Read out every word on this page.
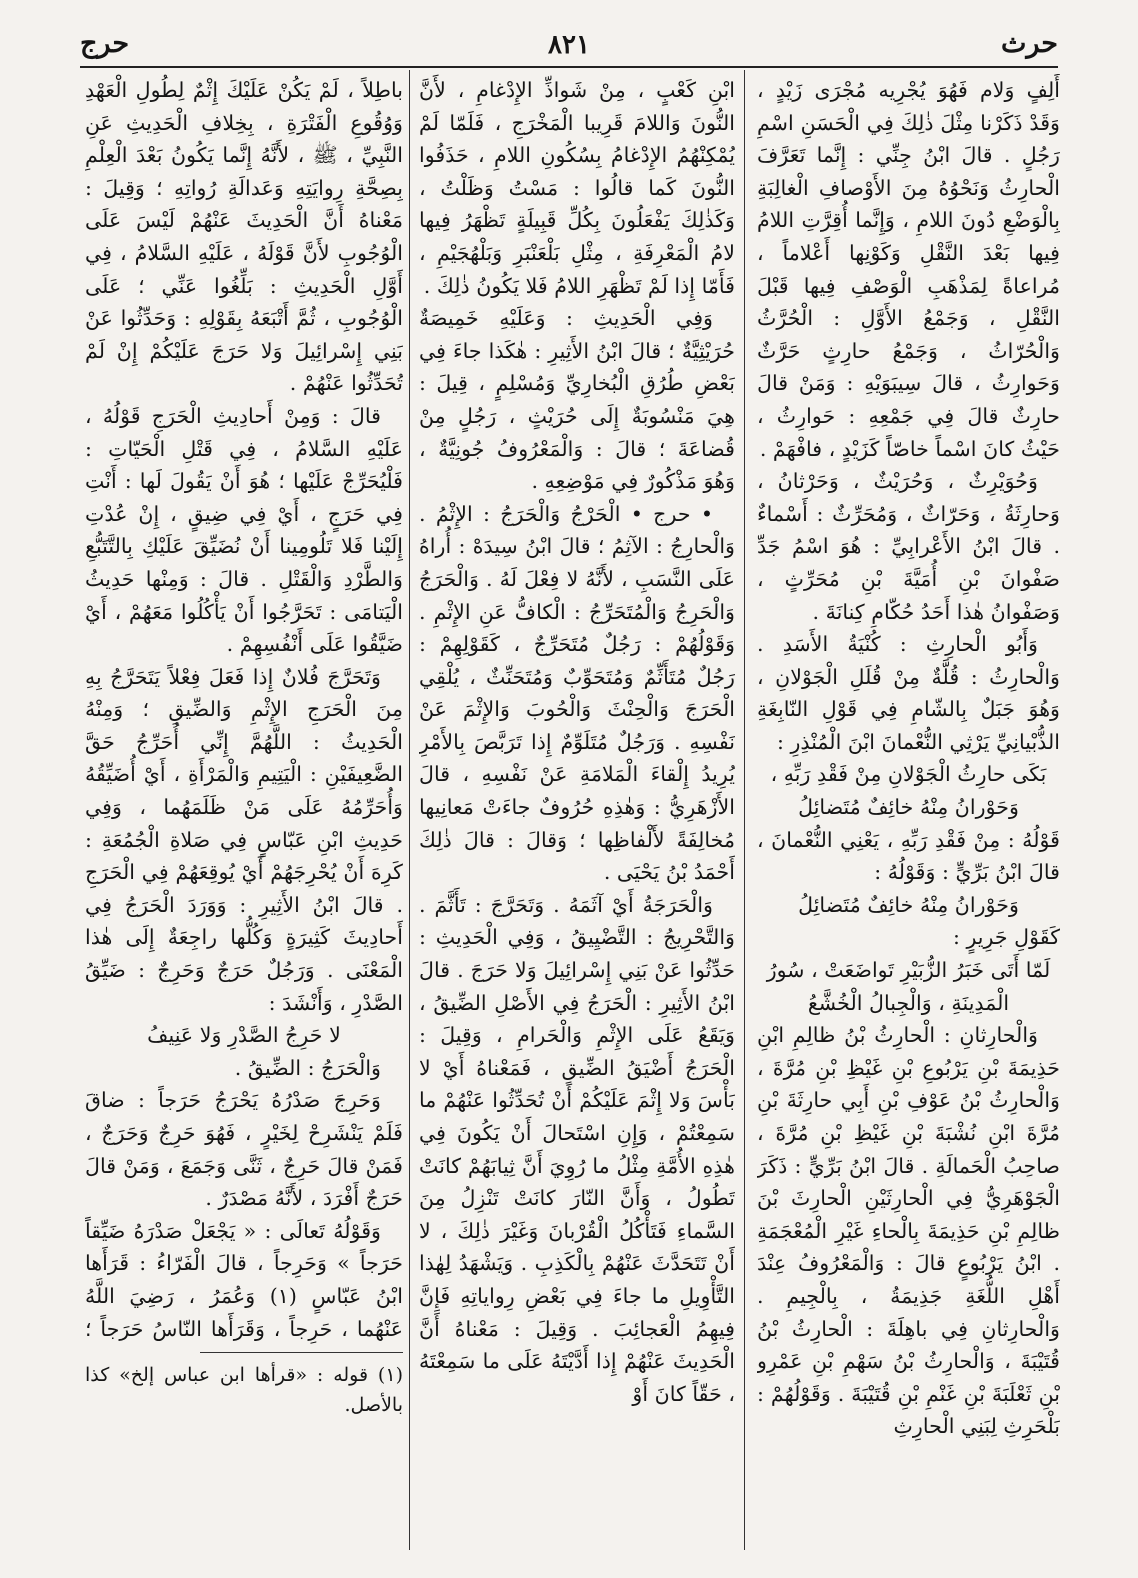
حرث
٨٢١
حرج

أَلِفٍ وَلام فَهُوَ يُجْرِيه مُجْرَى زَيْدٍ ، وَقَدْ ذَكَرْنا مِثْلَ ذٰلِكَ فِي الْحَسَنِ اسْمِ رَجُلٍ . قالَ ابْنُ جِنِّي : إِنَّما تَعَرَّفَ الْحارِثُ وَنَحْوُهُ مِنَ الأَوْصافِ الْغالِبَةِ بِالْوَضْعِ دُونَ اللامِ ، وَإِنَّما أُقِرَّتِ اللامُ فِيها بَعْدَ النَّقْلِ وَكَوْنِها أَعْلاماً ، مُراعاةً لِمَذْهَبِ الْوَصْفِ فِيها قَبْلَ النَّقْلِ ، وَجَمْعُ الأَوَّلِ : الْحُرَّثُ وَالْحُرّاثُ ، وَجَمْعُ حارِثٍ حَرَّثٌ وَحَوارِثُ ، قالَ سِيبَوَيْهِ : وَمَنْ قالَ حارِثٌ قالَ فِي جَمْعِهِ : حَوارِثُ ، حَيْثُ كانَ اسْماً خاصّاً كَزَيْدٍ ، فافْهَمْ .

وَحُوَيْرِثٌ ، وَحُرَيْثٌ ، وَحَرْثانُ ، وَحارِثَةُ ، وَحَرّاثٌ ، وَمُحَرِّثٌ : أَسْماءٌ . قالَ ابْنُ الأَعْرابِيِّ : هُوَ اسْمُ جَدِّ صَفْوانَ بْنِ أُمَيَّةَ بْنِ مُحَرِّثٍ ، وَصَفْوانُ هٰذا أَحَدُ حُكّامِ كِنانَةَ .

وَأَبُو الْحارِثِ : كُنْيَةُ الأَسَدِ . وَالْحارِثُ : قُلَّةٌ مِنْ قُلَلِ الْجَوْلانِ ، وَهُوَ جَبَلٌ بِالشّامِ فِي قَوْلِ النّابِغَةِ الذُّبْيانِيِّ يَرْثِي النُّعْمانَ ابْنَ الْمُنْذِرِ :

بَكَى حارِثُ الْجَوْلانِ مِنْ فَقْدِ رَبِّهِ ، وَحَوْرانُ مِنْهُ خائِفٌ مُتَضائِلُ

قَوْلُهُ : مِنْ فَقْدِ رَبِّهِ ، يَعْنِي النُّعْمانَ ، قالَ ابْنُ بَرِّيٍّ : وَقَوْلُهُ :

وَحَوْرانُ مِنْهُ خائِفٌ مُتَضائِلُ

كَقَوْلِ جَرِيرٍ :

لَمّا أَتَى خَبَرُ الزُّبَيْرِ تَواضَعَتْ ، سُورُ الْمَدِينَةِ ، وَالْجِبالُ الْخُشَّعُ

وَالْحارِثانِ : الْحارِثُ بْنُ ظالِمِ ابْنِ حَذِيمَةَ بْنِ يَرْبُوعِ بْنِ غَيْظِ بْنِ مُرَّةَ ، وَالْحارِثُ بْنُ عَوْفِ بْنِ أَبِي حارِثَةَ بْنِ مُرَّةَ ابْنِ نُشْبَةَ بْنِ غَيْظِ بْنِ مُرَّةَ ، صاحِبُ الْحَمالَةِ . قالَ ابْنُ بَرِّيٍّ : ذَكَرَ الْجَوْهَرِيُّ فِي الْحارِثَيْنِ الْحارِثَ بْنَ ظالِمِ بْنِ حَذِيمَةَ بِالْحاءِ غَيْرِ الْمُعْجَمَةِ . ابْنُ يَرْبُوعٍ قالَ : وَالْمَعْرُوفُ عِنْدَ أَهْلِ اللُّغَةِ جَذِيمَةُ ، بِالْجِيمِ . وَالْحارِثانِ فِي باهِلَةَ : الْحارِثُ بْنُ قُتَيْبَةَ ، وَالْحارِثُ بْنُ سَهْمِ بْنِ عَمْرِو بْنِ ثَعْلَبَةَ بْنِ غَنْمِ بْنِ قُتَيْبَةَ . وَقَوْلُهُمْ : بَلْحَرِثِ لِبَنِي الْحارِثِ

ابْنِ كَعْبٍ ، مِنْ شَواذِّ الإِدْغامِ ، لأَنَّ النُّونَ وَاللامَ قَرِيبا الْمَخْرَجِ ، فَلَمّا لَمْ يُمْكِنْهُمُ الإِدْغامُ بِسُكُونِ اللامِ ، حَذَفُوا النُّونَ كَما قالُوا : مَسْتُ وَظَلْتُ ، وَكَذٰلِكَ يَفْعَلُونَ بِكُلِّ قَبِيلَةٍ تَظْهَرُ فِيها لامُ الْمَعْرِفَةِ ، مِثْلِ بَلْعَنْبَرِ وَبَلْهُجَيْمِ ، فَأَمّا إِذا لَمْ تَظْهَرِ اللامُ فَلا يَكُونُ ذٰلِكَ .

وَفِي الْحَدِيثِ : وَعَلَيْهِ خَمِيصَةٌ حُرَيْثِيَّةٌ ؛ قالَ ابْنُ الأَثِيرِ : هٰكَذا جاءَ فِي بَعْضِ طُرُقِ الْبُخارِيِّ وَمُسْلِمٍ ، قِيلَ : هِيَ مَنْسُوبَةٌ إِلَى حُرَيْثٍ ، رَجُلٍ مِنْ قُضاعَةَ ؛ قالَ : وَالْمَعْرُوفُ جُونِيَّةٌ ، وَهُوَ مَذْكُورٌ فِي مَوْضِعِهِ .

• حرج • الْحَرْجُ وَالْحَرَجُ : الإِثْمُ . وَالْحارِجُ : الآثِمُ ؛ قالَ ابْنُ سِيدَهْ : أُراهُ عَلَى النَّسَبِ ، لأَنَّهُ لا فِعْلَ لَهُ . وَالْحَرَجُ وَالْحَرِجُ وَالْمُتَحَرِّجُ : الْكافُّ عَنِ الإِثْمِ . وَقَوْلُهُمْ : رَجُلٌ مُتَحَرِّجٌ ، كَقَوْلِهِمْ : رَجُلٌ مُتَأَثِّمٌ وَمُتَحَوِّبٌ وَمُتَحَنِّثٌ ، يُلْقِي الْحَرَجَ وَالْحِنْثَ وَالْحُوبَ وَالإِثْمَ عَنْ نَفْسِهِ . وَرَجُلٌ مُتَلَوِّمٌ إِذا تَرَبَّصَ بِالأَمْرِ يُرِيدُ إِلْقاءَ الْمَلامَةِ عَنْ نَفْسِهِ ، قالَ الأَزْهَرِيُّ : وَهٰذِهِ حُرُوفٌ جاءَتْ مَعانِيها مُخالِفَةً لأَلْفاظِها ؛ وَقالَ : قالَ ذٰلِكَ أَحْمَدُ بْنُ يَحْيَى .

وَالْحَرَجَةُ أَيْ آثَمَهُ . وَتَحَرَّجَ : تَأَثَّمَ . وَالتَّحْرِيجُ : التَّضْيِيقُ ، وَفِي الْحَدِيثِ : حَدِّثُوا عَنْ بَنِي إِسْرائِيلَ وَلا حَرَجَ . قالَ ابْنُ الأَثِيرِ : الْحَرَجُ فِي الأَصْلِ الضِّيقُ ، وَيَقَعُ عَلَى الإِثْمِ وَالْحَرامِ ، وَقِيلَ : الْحَرَجُ أَضْيَقُ الضِّيقِ ، فَمَعْناهُ أَيْ لا بَأْسَ وَلا إِثْمَ عَلَيْكُمْ أَنْ تُحَدِّثُوا عَنْهُمْ ما سَمِعْتُمْ ، وَإِنِ اسْتَحالَ أَنْ يَكُونَ فِي هٰذِهِ الأُمَّةِ مِثْلُ ما رُوِيَ أَنَّ ثِيابَهُمْ كانَتْ تَطُولُ ، وَأَنَّ النّارَ كانَتْ تَنْزِلُ مِنَ السَّماءِ فَتَأْكُلُ الْقُرْبانَ وَغَيْرَ ذٰلِكَ ، لا أَنْ تَتَحَدَّثَ عَنْهُمْ بِالْكَذِبِ . وَيَشْهَدُ لِهٰذا التَّأْوِيلِ ما جاءَ فِي بَعْضِ رِواياتِهِ فَإِنَّ فِيهِمُ الْعَجائِبَ . وَقِيلَ : مَعْناهُ أَنَّ الْحَدِيثَ عَنْهُمْ إِذا أَدَّيْتَهُ عَلَى ما سَمِعْتَهُ ، حَقّاً كانَ أَوْ

باطِلاً ، لَمْ يَكُنْ عَلَيْكَ إِثْمٌ لِطُولِ الْعَهْدِ وَوُقُوعِ الْفَتْرَةِ ، بِخِلافِ الْحَدِيثِ عَنِ النَّبِيِّ ، ﷺ ، لأَنَّهُ إِنَّما يَكُونُ بَعْدَ الْعِلْمِ بِصِحَّةِ رِوايَتِهِ وَعَدالَةِ رُواتِهِ ؛ وَقِيلَ : مَعْناهُ أَنَّ الْحَدِيثَ عَنْهُمْ لَيْسَ عَلَى الْوُجُوبِ لأَنَّ قَوْلَهُ ، عَلَيْهِ السَّلامُ ، فِي أَوَّلِ الْحَدِيثِ : بَلِّغُوا عَنِّي ؛ عَلَى الْوُجُوبِ ، ثُمَّ أَتْبَعَهُ بِقَوْلِهِ : وَحَدِّثُوا عَنْ بَنِي إِسْرائِيلَ وَلا حَرَجَ عَلَيْكُمْ إِنْ لَمْ تُحَدِّثُوا عَنْهُمْ .

قالَ : وَمِنْ أَحادِيثِ الْحَرَجِ قَوْلُهُ ، عَلَيْهِ السَّلامُ ، فِي قَتْلِ الْحَيّاتِ : فَلْيُحَرِّجْ عَلَيْها ؛ هُوَ أَنْ يَقُولَ لَها : أَنْتِ فِي حَرَجٍ ، أَيْ فِي ضِيقٍ ، إِنْ عُدْتِ إِلَيْنا فَلا تَلُومِينا أَنْ نُضَيِّقَ عَلَيْكِ بِالتَّتَبُّعِ وَالطَّرْدِ وَالْقَتْلِ . قالَ : وَمِنْها حَدِيثُ الْيَتامَى : تَحَرَّجُوا أَنْ يَأْكُلُوا مَعَهُمْ ، أَيْ ضَيَّقُوا عَلَى أَنْفُسِهِمْ .

وَتَحَرَّجَ فُلانٌ إِذا فَعَلَ فِعْلاً يَتَحَرَّجُ بِهِ مِنَ الْحَرَجِ الإِثْمِ وَالضِّيقِ ؛ وَمِنْهُ الْحَدِيثُ : اللَّهُمَّ إِنِّي أُحَرِّجُ حَقَّ الضَّعِيفَيْنِ : الْيَتِيمِ وَالْمَرْأَةِ ، أَيْ أُضَيِّقُهُ وَأُحَرِّمُهُ عَلَى مَنْ ظَلَمَهُما ، وَفِي حَدِيثِ ابْنِ عَبّاسٍ فِي صَلاةِ الْجُمُعَةِ : كَرِهَ أَنْ يُحْرِجَهُمْ أَيْ يُوقِعَهُمْ فِي الْحَرَجِ . قالَ ابْنُ الأَثِيرِ : وَوَرَدَ الْحَرَجُ فِي أَحادِيثَ كَثِيرَةٍ وَكُلُّها راجِعَةٌ إِلَى هٰذا الْمَعْنَى . وَرَجُلٌ حَرَجٌ وَحَرِجٌ : ضَيِّقُ الصَّدْرِ ، وَأَنْشَدَ :

لا حَرِجُ الصَّدْرِ وَلا عَنِيفُ

وَالْحَرَجُ : الضِّيقُ .

وَحَرِجَ صَدْرُهُ يَحْرَجُ حَرَجاً : ضاقَ فَلَمْ يَنْشَرِحْ لِخَيْرٍ ، فَهُوَ حَرِجٌ وَحَرَجٌ ، فَمَنْ قالَ حَرِجٌ ، ثَنَّى وَجَمَعَ ، وَمَنْ قالَ حَرَجٌ أَفْرَدَ ، لأَنَّهُ مَصْدَرٌ .

وَقَوْلُهُ تَعالَى : « يَجْعَلْ صَدْرَهُ ضَيِّقاً حَرَجاً » وَحَرِجاً ، قالَ الْفَرّاءُ : قَرَأَها ابْنُ عَبّاسٍ (١) وَعُمَرُ ، رَضِيَ اللَّهُ عَنْهُما ، حَرِجاً ، وَقَرَأَها النّاسُ حَرَجاً ؛

(١) قوله : «قرأها ابن عباس إلخ» كذا بالأصل.
